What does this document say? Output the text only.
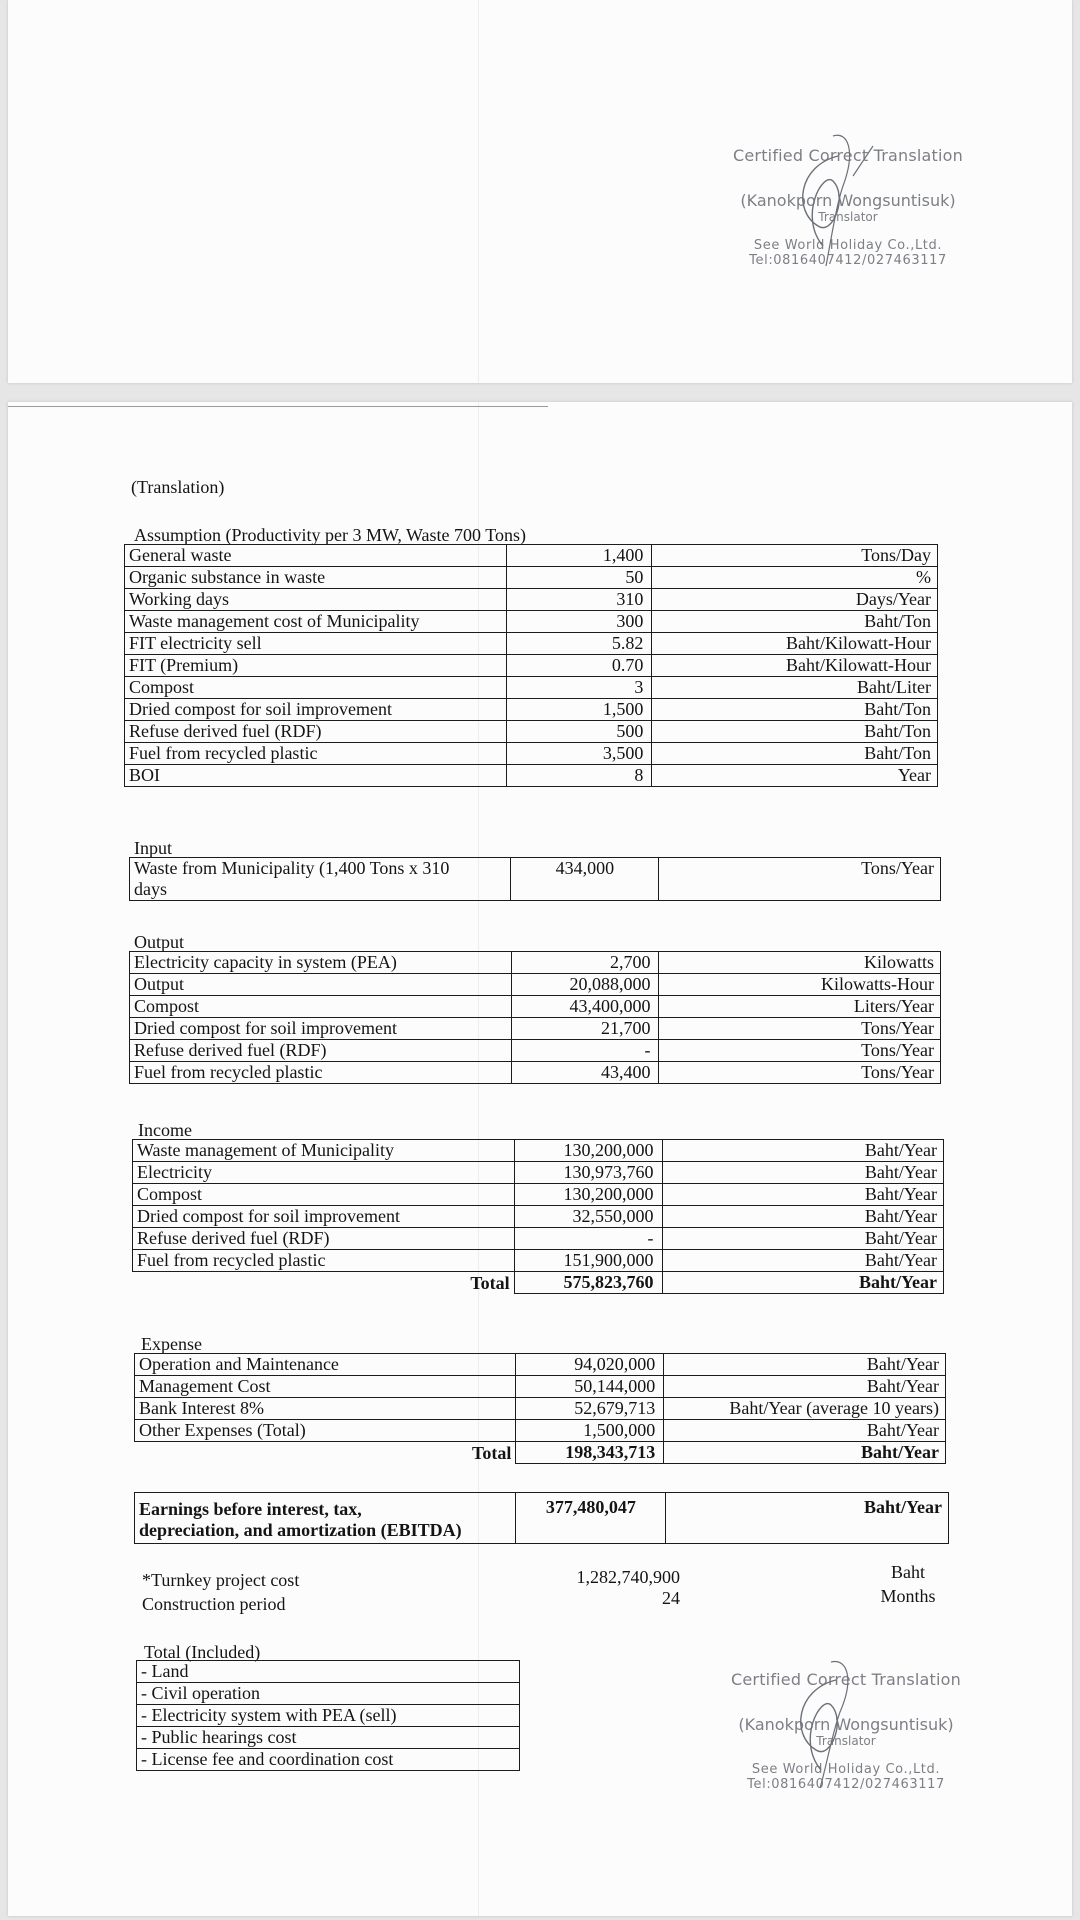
Certified Correct Translation
(Kanokporn Wongsuntisuk)
Translator
See World Holiday Co.,Ltd.
Tel:0816407412/027463117
(Translation)
Assumption (Productivity per 3 MW, Waste 700 Tons)
General waste	1,400	Tons/Day
Organic substance in waste	50	%
Working days	310	Days/Year
Waste management cost of Municipality	300	Baht/Ton
FIT electricity sell	5.82	Baht/Kilowatt-Hour
FIT (Premium)	0.70	Baht/Kilowatt-Hour
Compost	3	Baht/Liter
Dried compost for soil improvement	1,500	Baht/Ton
Refuse derived fuel (RDF)	500	Baht/Ton
Fuel from recycled plastic	3,500	Baht/Ton
BOI	8	Year
Input
Waste from Municipality (1,400 Tons x 310
days
	434,000	Tons/Year
Output
Electricity capacity in system (PEA)	2,700	Kilowatts
Output	20,088,000	Kilowatts-Hour
Compost	43,400,000	Liters/Year
Dried compost for soil improvement	21,700	Tons/Year
Refuse derived fuel (RDF)	-	Tons/Year
Fuel from recycled plastic	43,400	Tons/Year
Income
Waste management of Municipality	130,200,000	Baht/Year
Electricity	130,973,760	Baht/Year
Compost	130,200,000	Baht/Year
Dried compost for soil improvement	32,550,000	Baht/Year
Refuse derived fuel (RDF)	-	Baht/Year
Fuel from recycled plastic	151,900,000	Baht/Year
Total	575,823,760	Baht/Year
Expense
Operation and Maintenance	94,020,000	Baht/Year
Management Cost	50,144,000	Baht/Year
Bank Interest 8%	52,679,713	Baht/Year (average 10 years)
Other Expenses (Total)	1,500,000	Baht/Year
Total	198,343,713	Baht/Year
Earnings before interest, tax,
depreciation, and amortization (EBITDA)
	377,480,047	Baht/Year
*Turnkey project cost	1,282,740,900	Baht
Construction period	24	Months
Total (Included)
- Land
- Civil operation
- Electricity system with PEA (sell)
- Public hearings cost
- License fee and coordination cost
Certified Correct Translation
(Kanokporn Wongsuntisuk)
Translator
See World Holiday Co.,Ltd.
Tel:0816407412/027463117
